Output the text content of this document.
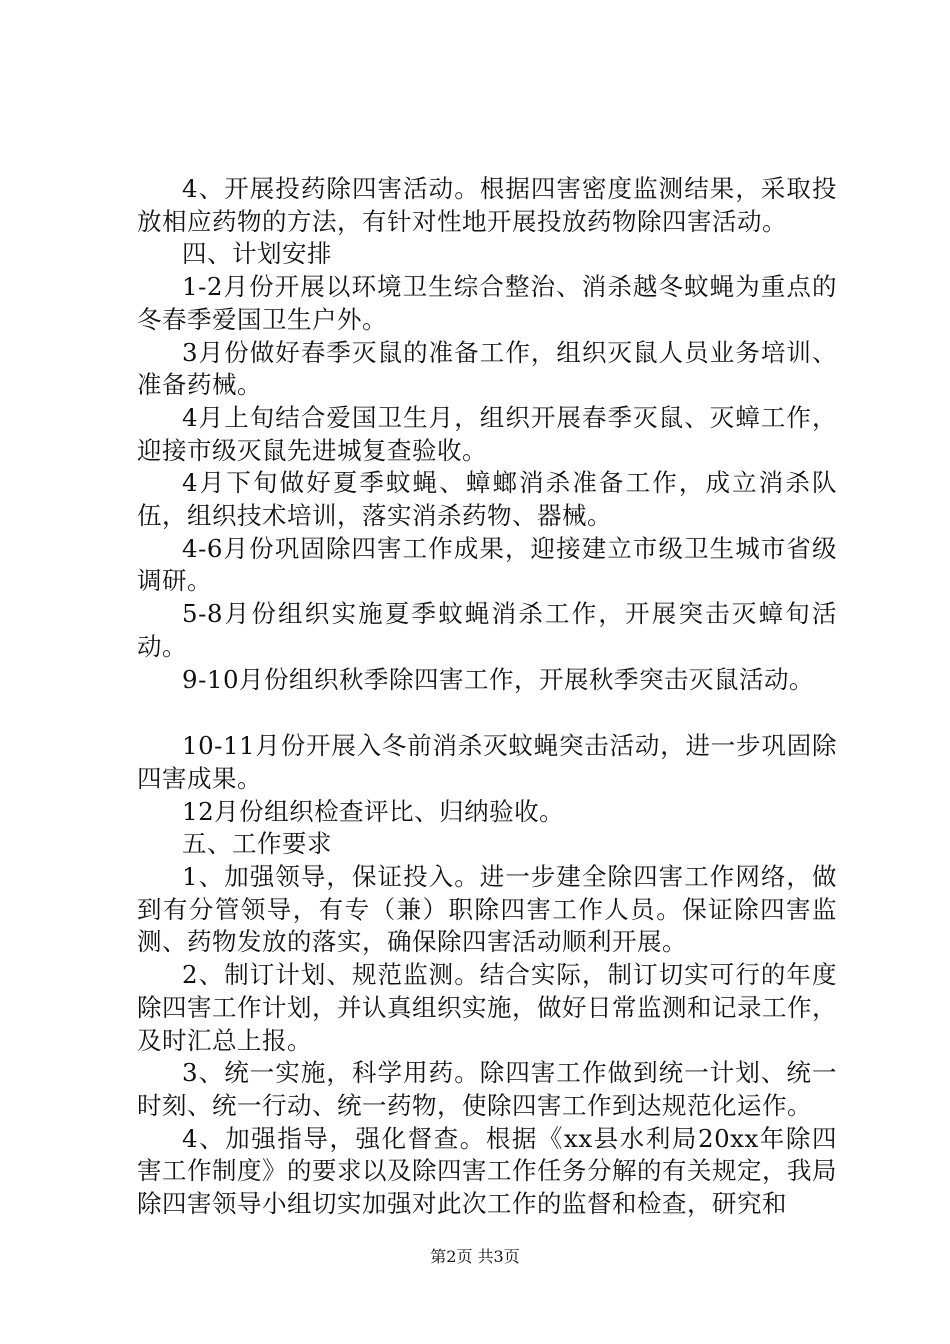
4、开展投药除四害活动。根据四害密度监测结果，采取投放相应药物的方法，有针对性地开展投放药物除四害活动。

四、计划安排

1-2月份开展以环境卫生综合整治、消杀越冬蚊蝇为重点的冬春季爱国卫生户外。

3月份做好春季灭鼠的准备工作，组织灭鼠人员业务培训、准备药械。

4月上旬结合爱国卫生月，组织开展春季灭鼠、灭蟑工作，迎接市级灭鼠先进城复查验收。

4月下旬做好夏季蚊蝇、蟑螂消杀准备工作，成立消杀队伍，组织技术培训，落实消杀药物、器械。

4-6月份巩固除四害工作成果，迎接建立市级卫生城市省级调研。

5-8月份组织实施夏季蚊蝇消杀工作，开展突击灭蟑旬活动。

9-10月份组织秋季除四害工作，开展秋季突击灭鼠活动。

10-11月份开展入冬前消杀灭蚊蝇突击活动，进一步巩固除四害成果。

12月份组织检查评比、归纳验收。

五、工作要求

1、加强领导，保证投入。进一步建全除四害工作网络，做到有分管领导，有专（兼）职除四害工作人员。保证除四害监测、药物发放的落实，确保除四害活动顺利开展。

2、制订计划、规范监测。结合实际，制订切实可行的年度除四害工作计划，并认真组织实施，做好日常监测和记录工作，及时汇总上报。

3、统一实施，科学用药。除四害工作做到统一计划、统一时刻、统一行动、统一药物，使除四害工作到达规范化运作。

4、加强指导，强化督查。根据《xx县水利局20xx年除四害工作制度》的要求以及除四害工作任务分解的有关规定，我局除四害领导小组切实加强对此次工作的监督和检查，研究和

第2页 共3页
